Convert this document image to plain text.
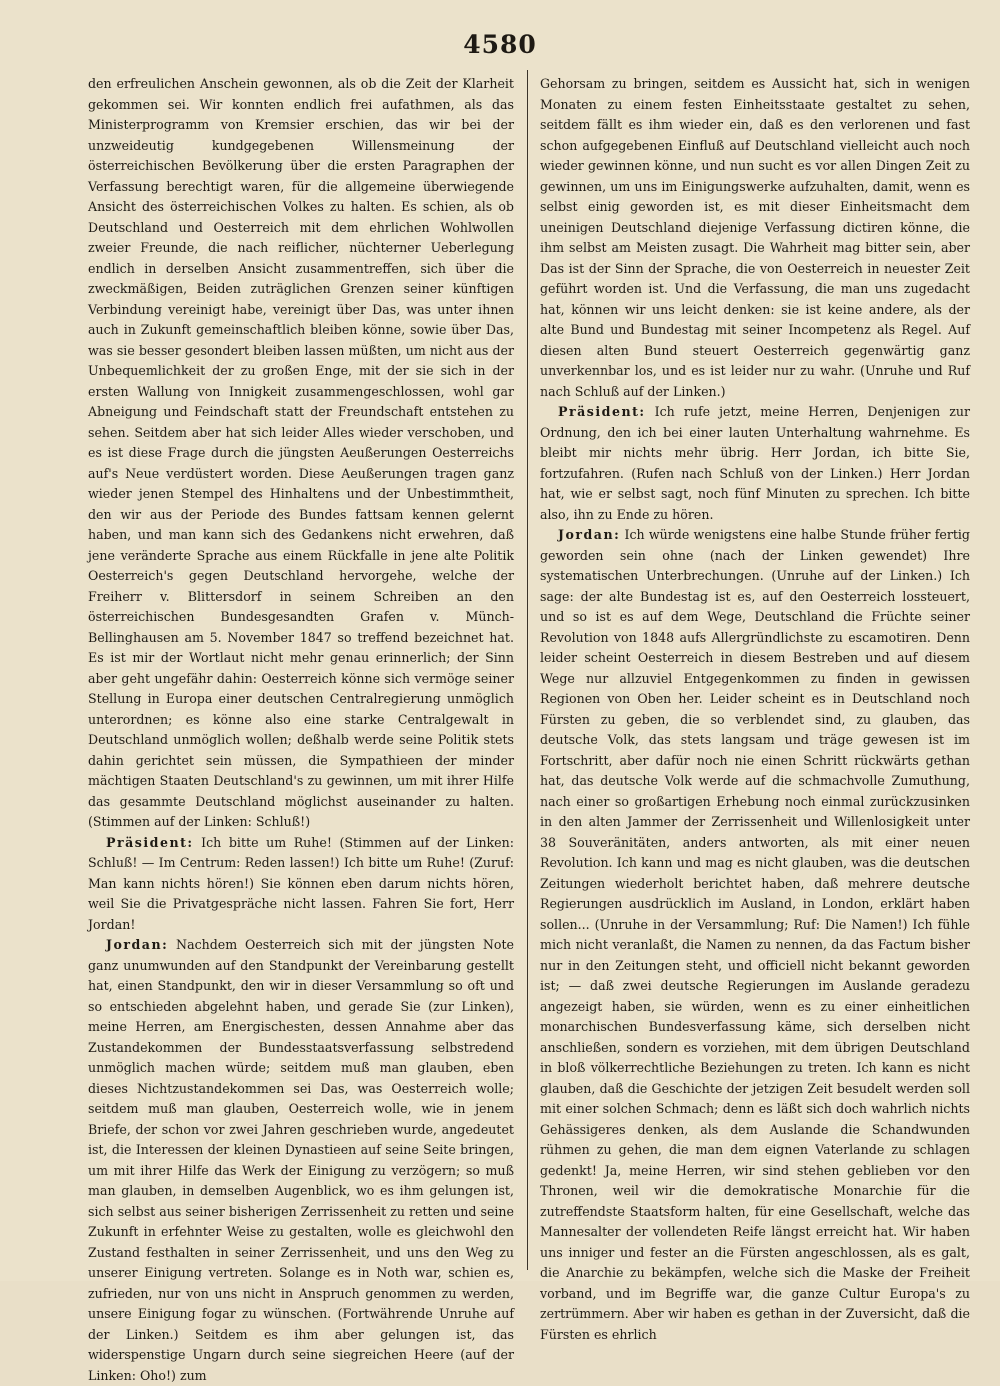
4580

den erfreulichen Anschein gewonnen, als ob die Zeit der Klarheit gekommen sei. Wir konnten endlich frei aufathmen, als das Ministerprogramm von Kremsier erschien, das wir bei der unzweideutig kundgegebenen Willensmeinung der österreichischen Bevölkerung über die ersten Paragraphen der Verfassung berechtigt waren, für die allgemeine überwiegende Ansicht des österreichischen Volkes zu halten. Es schien, als ob Deutschland und Oesterreich mit dem ehrlichen Wohlwollen zweier Freunde, die nach reiflicher, nüchterner Ueberlegung endlich in derselben Ansicht zusammentreffen, sich über die zweckmäßigen, Beiden zuträglichen Grenzen seiner künftigen Verbindung vereinigt habe, vereinigt über Das, was unter ihnen auch in Zukunft gemeinschaftlich bleiben könne, sowie über Das, was sie besser gesondert bleiben lassen müßten, um nicht aus der Unbequemlichkeit der zu großen Enge, mit der sie sich in der ersten Wallung von Innigkeit zusammengeschlossen, wohl gar Abneigung und Feindschaft statt der Freundschaft entstehen zu sehen. Seitdem aber hat sich leider Alles wieder verschoben, und es ist diese Frage durch die jüngsten Aeußerungen Oesterreichs auf's Neue verdüstert worden. Diese Aeußerungen tragen ganz wieder jenen Stempel des Hinhaltens und der Unbestimmtheit, den wir aus der Periode des Bundes fattsam kennen gelernt haben, und man kann sich des Gedankens nicht erwehren, daß jene veränderte Sprache aus einem Rückfalle in jene alte Politik Oesterreich's gegen Deutschland hervorgehe, welche der Freiherr v. Blittersdorf in seinem Schreiben an den österreichischen Bundesgesandten Grafen v. Münch-Bellinghausen am 5. November 1847 so treffend bezeichnet hat. Es ist mir der Wortlaut nicht mehr genau erinnerlich; der Sinn aber geht ungefähr dahin: Oesterreich könne sich vermöge seiner Stellung in Europa einer deutschen Centralregierung unmöglich unterordnen; es könne also eine starke Centralgewalt in Deutschland unmöglich wollen; deßhalb werde seine Politik stets dahin gerichtet sein müssen, die Sympathieen der minder mächtigen Staaten Deutschland's zu gewinnen, um mit ihrer Hilfe das gesammte Deutschland möglichst auseinander zu halten. (Stimmen auf der Linken: Schluß!)

Präsident: Ich bitte um Ruhe! (Stimmen auf der Linken: Schluß! — Im Centrum: Reden lassen!) Ich bitte um Ruhe! (Zuruf: Man kann nichts hören!) Sie können eben darum nichts hören, weil Sie die Privatgespräche nicht lassen. Fahren Sie fort, Herr Jordan!

Jordan: Nachdem Oesterreich sich mit der jüngsten Note ganz unumwunden auf den Standpunkt der Vereinbarung gestellt hat, einen Standpunkt, den wir in dieser Versammlung so oft und so entschieden abgelehnt haben, und gerade Sie (zur Linken), meine Herren, am Energischesten, dessen Annahme aber das Zustandekommen der Bundesstaatsverfassung selbstredend unmöglich machen würde; seitdem muß man glauben, eben dieses Nichtzustandekommen sei Das, was Oesterreich wolle; seitdem muß man glauben, Oesterreich wolle, wie in jenem Briefe, der schon vor zwei Jahren geschrieben wurde, angedeutet ist, die Interessen der kleinen Dynastieen auf seine Seite bringen, um mit ihrer Hilfe das Werk der Einigung zu verzögern; so muß man glauben, in demselben Augenblick, wo es ihm gelungen ist, sich selbst aus seiner bisherigen Zerrissenheit zu retten und seine Zukunft in erfehnter Weise zu gestalten, wolle es gleichwohl den Zustand festhalten in seiner Zerrissenheit, und uns den Weg zu unserer Einigung vertreten. Solange es in Noth war, schien es, zufrieden, nur von uns nicht in Anspruch genommen zu werden, unsere Einigung fogar zu wünschen. (Fortwährende Unruhe auf der Linken.) Seitdem es ihm aber gelungen ist, das widerspenstige Ungarn durch seine siegreichen Heere (auf der Linken: Oho!) zum

Gehorsam zu bringen, seitdem es Aussicht hat, sich in wenigen Monaten zu einem festen Einheitsstaate gestaltet zu sehen, seitdem fällt es ihm wieder ein, daß es den verlorenen und fast schon aufgegebenen Einfluß auf Deutschland vielleicht auch noch wieder gewinnen könne, und nun sucht es vor allen Dingen Zeit zu gewinnen, um uns im Einigungswerke aufzuhalten, damit, wenn es selbst einig geworden ist, es mit dieser Einheitsmacht dem uneinigen Deutschland diejenige Verfassung dictiren könne, die ihm selbst am Meisten zusagt. Die Wahrheit mag bitter sein, aber Das ist der Sinn der Sprache, die von Oesterreich in neuester Zeit geführt worden ist. Und die Verfassung, die man uns zugedacht hat, können wir uns leicht denken: sie ist keine andere, als der alte Bund und Bundestag mit seiner Incompetenz als Regel. Auf diesen alten Bund steuert Oesterreich gegenwärtig ganz unverkennbar los, und es ist leider nur zu wahr. (Unruhe und Ruf nach Schluß auf der Linken.)

Präsident: Ich rufe jetzt, meine Herren, Denjenigen zur Ordnung, den ich bei einer lauten Unterhaltung wahrnehme. Es bleibt mir nichts mehr übrig. Herr Jordan, ich bitte Sie, fortzufahren. (Rufen nach Schluß von der Linken.) Herr Jordan hat, wie er selbst sagt, noch fünf Minuten zu sprechen. Ich bitte also, ihn zu Ende zu hören.

Jordan: Ich würde wenigstens eine halbe Stunde früher fertig geworden sein ohne (nach der Linken gewendet) Ihre systematischen Unterbrechungen. (Unruhe auf der Linken.) Ich sage: der alte Bundestag ist es, auf den Oesterreich lossteuert, und so ist es auf dem Wege, Deutschland die Früchte seiner Revolution von 1848 aufs Allergründlichste zu escamotiren. Denn leider scheint Oesterreich in diesem Bestreben und auf diesem Wege nur allzuviel Entgegenkommen zu finden in gewissen Regionen von Oben her. Leider scheint es in Deutschland noch Fürsten zu geben, die so verblendet sind, zu glauben, das deutsche Volk, das stets langsam und träge gewesen ist im Fortschritt, aber dafür noch nie einen Schritt rückwärts gethan hat, das deutsche Volk werde auf die schmachvolle Zumuthung, nach einer so großartigen Erhebung noch einmal zurückzusinken in den alten Jammer der Zerrissenheit und Willenlosigkeit unter 38 Souveränitäten, anders antworten, als mit einer neuen Revolution. Ich kann und mag es nicht glauben, was die deutschen Zeitungen wiederholt berichtet haben, daß mehrere deutsche Regierungen ausdrücklich im Ausland, in London, erklärt haben sollen... (Unruhe in der Versammlung; Ruf: Die Namen!) Ich fühle mich nicht veranlaßt, die Namen zu nennen, da das Factum bisher nur in den Zeitungen steht, und officiell nicht bekannt geworden ist; — daß zwei deutsche Regierungen im Auslande geradezu angezeigt haben, sie würden, wenn es zu einer einheitlichen monarchischen Bundesverfassung käme, sich derselben nicht anschließen, sondern es vorziehen, mit dem übrigen Deutschland in bloß völkerrechtliche Beziehungen zu treten. Ich kann es nicht glauben, daß die Geschichte der jetzigen Zeit besudelt werden soll mit einer solchen Schmach; denn es läßt sich doch wahrlich nichts Gehässigeres denken, als dem Auslande die Schandwunden rühmen zu gehen, die man dem eignen Vaterlande zu schlagen gedenkt! Ja, meine Herren, wir sind stehen geblieben vor den Thronen, weil wir die demokratische Monarchie für die zutreffendste Staatsform halten, für eine Gesellschaft, welche das Mannesalter der vollendeten Reife längst erreicht hat. Wir haben uns inniger und fester an die Fürsten angeschlossen, als es galt, die Anarchie zu bekämpfen, welche sich die Maske der Freiheit vorband, und im Begriffe war, die ganze Cultur Europa's zu zertrümmern. Aber wir haben es gethan in der Zuversicht, daß die Fürsten es ehrlich
